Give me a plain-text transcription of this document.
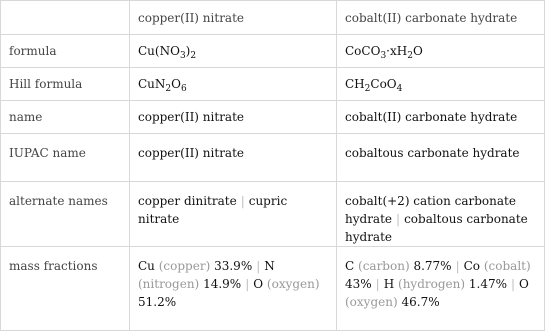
	copper(II) nitrate	cobalt(II) carbonate hydrate
formula	$Cu(NO_3)_2$	$CoCO_3\cdot xH_2O$
Hill formula	$CuN_2O_6$	$CH_2CoO_4$
name	copper(II) nitrate	cobalt(II) carbonate hydrate
IUPAC name	copper(II) nitrate	cobaltous carbonate hydrate
alternate names	copper dinitrate | cupric nitrate	cobalt(+2) cation carbonate hydrate | cobaltous carbonate hydrate
mass fractions	Cu (copper) 33.9% | N (nitrogen) 14.9% | O (oxygen) 51.2%	C (carbon) 8.77% | Co (cobalt) 43% | H (hydrogen) 1.47% | O (oxygen) 46.7%
